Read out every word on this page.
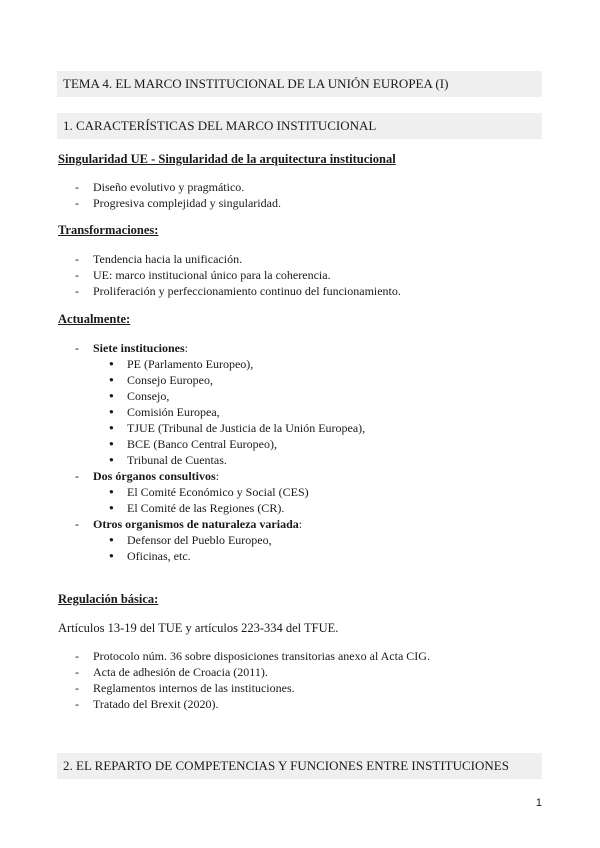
TEMA 4. EL MARCO INSTITUCIONAL DE LA UNIÓN EUROPEA (I)
1. CARACTERÍSTICAS DEL MARCO INSTITUCIONAL
Singularidad UE - Singularidad de la arquitectura institucional
- Diseño evolutivo y pragmático.
- Progresiva complejidad y singularidad.
Transformaciones:
- Tendencia hacia la unificación.
- UE: marco institucional único para la coherencia.
- Proliferación y perfeccionamiento continuo del funcionamiento.
Actualmente:
- Siete instituciones:
● PE (Parlamento Europeo),
● Consejo Europeo,
● Consejo,
● Comisión Europea,
● TJUE (Tribunal de Justicia de la Unión Europea),
● BCE (Banco Central Europeo),
● Tribunal de Cuentas.
- Dos órganos consultivos:
● El Comité Económico y Social (CES)
● El Comité de las Regiones (CR).
- Otros organismos de naturaleza variada:
● Defensor del Pueblo Europeo,
● Oficinas, etc.
Regulación básica:
Artículos 13-19 del TUE y artículos 223-334 del TFUE.
- Protocolo núm. 36 sobre disposiciones transitorias anexo al Acta CIG.
- Acta de adhesión de Croacia (2011).
- Reglamentos internos de las instituciones.
- Tratado del Brexit (2020).
2. EL REPARTO DE COMPETENCIAS Y FUNCIONES ENTRE INSTITUCIONES
1
